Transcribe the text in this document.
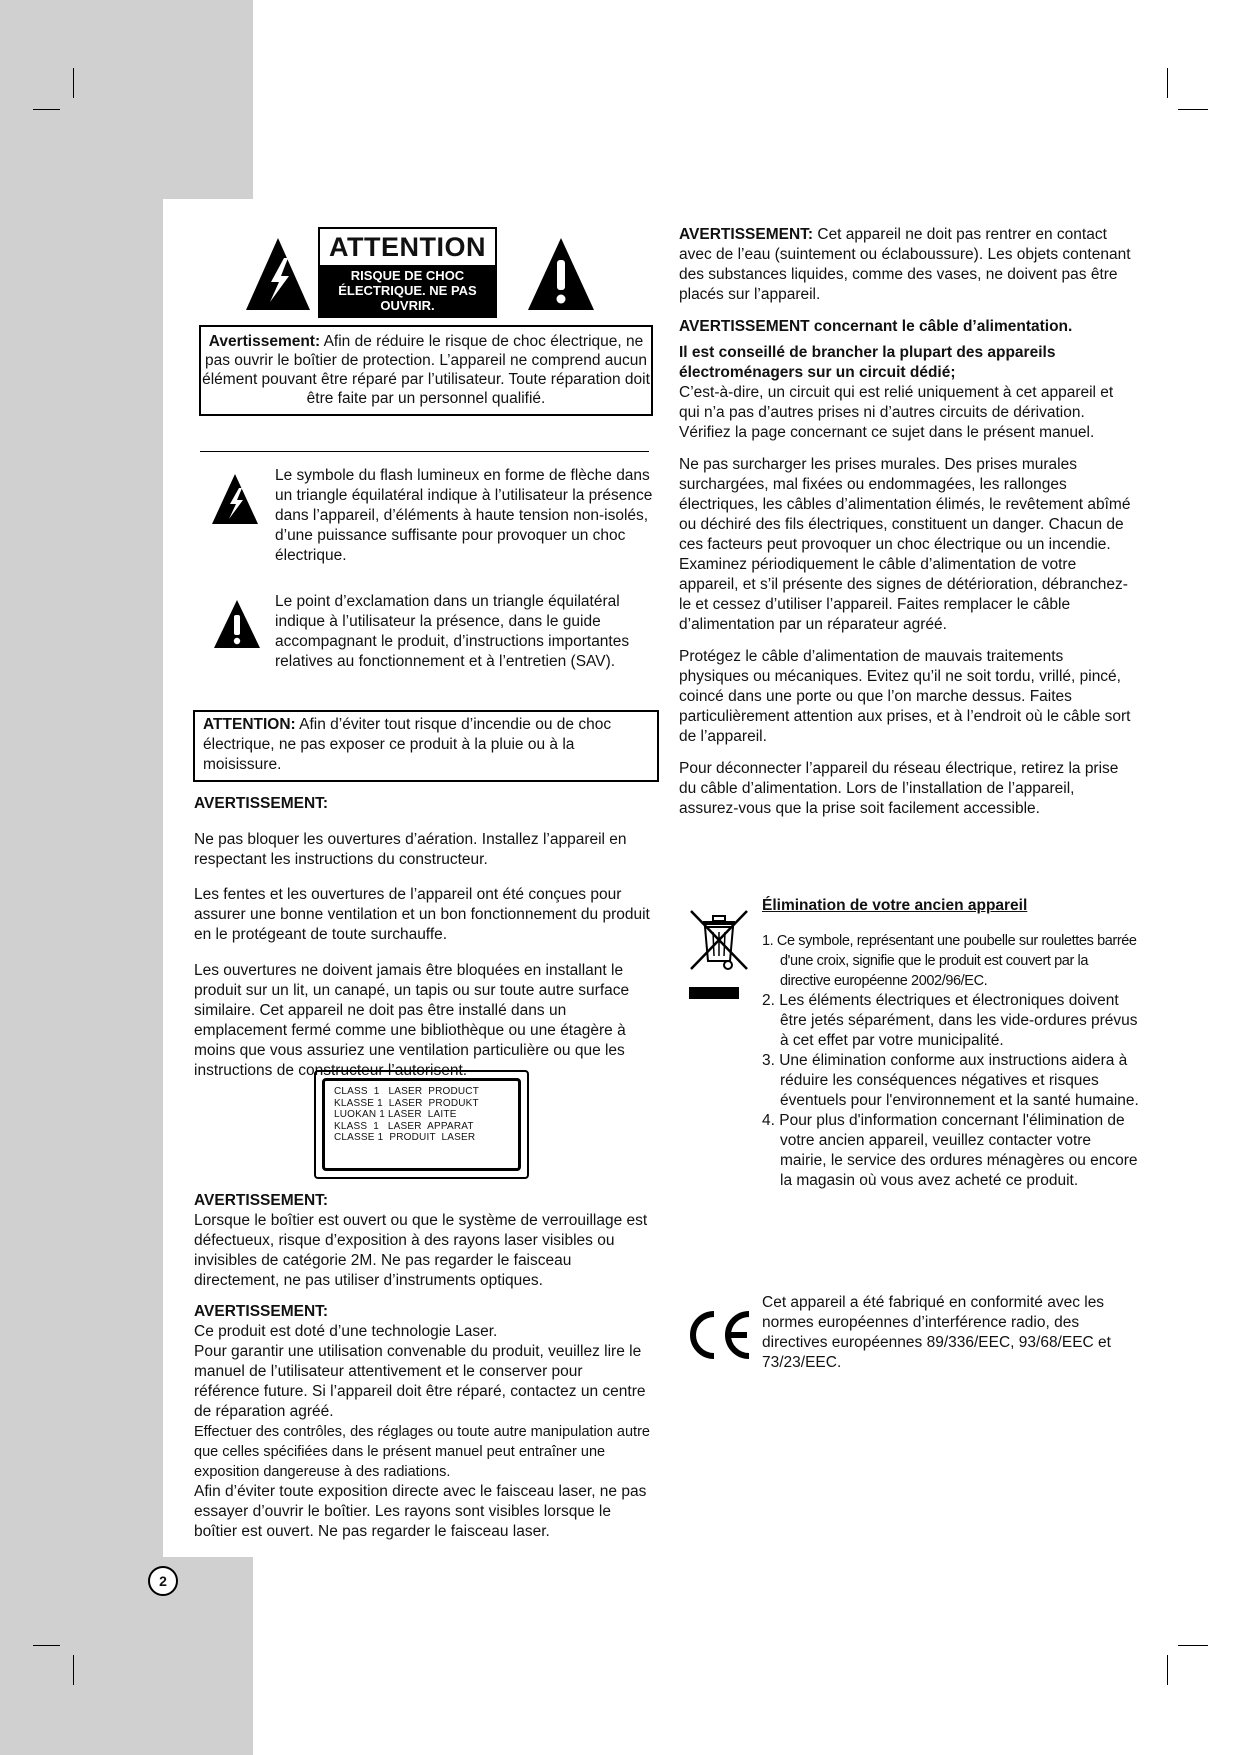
2
ATTENTION
RISQUE DE CHOC ÉLECTRIQUE. NE PAS OUVRIR.
Avertissement: Afin de réduire le risque de choc électrique, ne pas ouvrir le boîtier de protection. L’appareil ne comprend aucun élément pouvant être réparé par l’utilisateur. Toute réparation doit être faite par un personnel qualifié.
Le symbole du flash lumineux en forme de flèche dans un triangle équilatéral indique à l’utilisateur la présence dans l’appareil, d’éléments à haute tension non-isolés, d’une puissance suffisante pour provoquer un choc électrique.
Le point d’exclamation dans un triangle équilatéral indique à l’utilisateur la présence, dans le guide accompagnant le produit, d’instructions importantes relatives au fonctionnement et à l’entretien (SAV).
ATTENTION: Afin d’éviter tout risque d’incendie ou de choc électrique, ne pas exposer ce produit à la pluie ou à la moisissure.

AVERTISSEMENT:

Ne pas bloquer les ouvertures d’aération. Installez l’appareil en respectant les instructions du constructeur.

Les fentes et les ouvertures de l’appareil ont été conçues pour assurer une bonne ventilation et un bon fonctionnement du produit en le protégeant de toute surchauffe.

Les ouvertures ne doivent jamais être bloquées en installant le produit sur un lit, un canapé, un tapis ou sur toute autre surface similaire. Cet appareil ne doit pas être installé dans un emplacement fermé comme une bibliothèque ou une étagère à moins que vous assuriez une ventilation particulière ou que les instructions de constructeur l’autorisent.

CLASS  1   LASER  PRODUCT
KLASSE 1  LASER  PRODUKT
LUOKAN 1 LASER  LAITE
KLASS  1   LASER  APPARAT
CLASSE 1  PRODUIT  LASER
AVERTISSEMENT:
Lorsque le boîtier est ouvert ou que le système de verrouillage est défectueux, risque d’exposition à des rayons laser visibles ou invisibles de catégorie 2M. Ne pas regarder le faisceau directement, ne pas utiliser d’instruments optiques.
AVERTISSEMENT:
Ce produit est doté d’une technologie Laser.
Pour garantir une utilisation convenable du produit, veuillez lire le manuel de l’utilisateur attentivement et le conserver pour référence future. Si l’appareil doit être réparé, contactez un centre de réparation agréé.
Effectuer des contrôles, des réglages ou toute autre manipulation autre que celles spécifiées dans le présent manuel peut entraîner une exposition dangereuse à des radiations.
Afin d’éviter toute exposition directe avec le faisceau laser, ne pas essayer d’ouvrir le boîtier. Les rayons sont visibles lorsque le boîtier est ouvert. Ne pas regarder le faisceau laser.

AVERTISSEMENT: Cet appareil ne doit pas rentrer en contact avec de l’eau (suintement ou éclaboussure). Les objets contenant des substances liquides, comme des vases, ne doivent pas être placés sur l’appareil.

AVERTISSEMENT concernant le câble d’alimentation.

Il est conseillé de brancher la plupart des appareils électroménagers sur un circuit dédié;

C’est-à-dire, un circuit qui est relié uniquement à cet appareil et qui n’a pas d’autres prises ni d’autres circuits de dérivation. Vérifiez la page concernant ce sujet dans le présent manuel.

Ne pas surcharger les prises murales. Des prises murales surchargées, mal fixées ou endommagées, les rallonges électriques, les câbles d’alimentation élimés, le revêtement abîmé ou déchiré des fils électriques, constituent un danger. Chacun de ces facteurs peut provoquer un choc électrique ou un incendie. Examinez périodiquement le câble d’alimentation de votre appareil, et s’il présente des signes de détérioration, débranchez-le et cessez d’utiliser l’appareil. Faites remplacer le câble d’alimentation par un réparateur agréé.

Protégez le câble d’alimentation de mauvais traitements physiques ou mécaniques. Evitez qu’il ne soit tordu, vrillé, pincé, coincé dans une porte ou que l’on marche dessus. Faites particulièrement attention aux prises, et à l’endroit où le câble sort de l’appareil.

Pour déconnecter l’appareil du réseau électrique, retirez la prise du câble d’alimentation. Lors de l’installation de l’appareil, assurez-vous que la prise soit facilement accessible.

Élimination de votre ancien appareil
1. Ce symbole, représentant une poubelle sur roulettes barrée d'une croix, signifie que le produit est couvert par la directive européenne 2002/96/EC.
2. Les éléments électriques et électroniques doivent être jetés séparément, dans les vide-ordures prévus à cet effet par votre municipalité.
3. Une élimination conforme aux instructions aidera à réduire les conséquences négatives et risques éventuels pour l'environnement et la santé humaine.
4. Pour plus d'information concernant l'élimination de votre ancien appareil, veuillez contacter votre mairie, le service des ordures ménagères ou encore la magasin où vous avez acheté ce produit.
Cet appareil a été fabriqué en conformité avec les normes européennes d’interférence radio, des directives européennes 89/336/EEC, 93/68/EEC et 73/23/EEC.
